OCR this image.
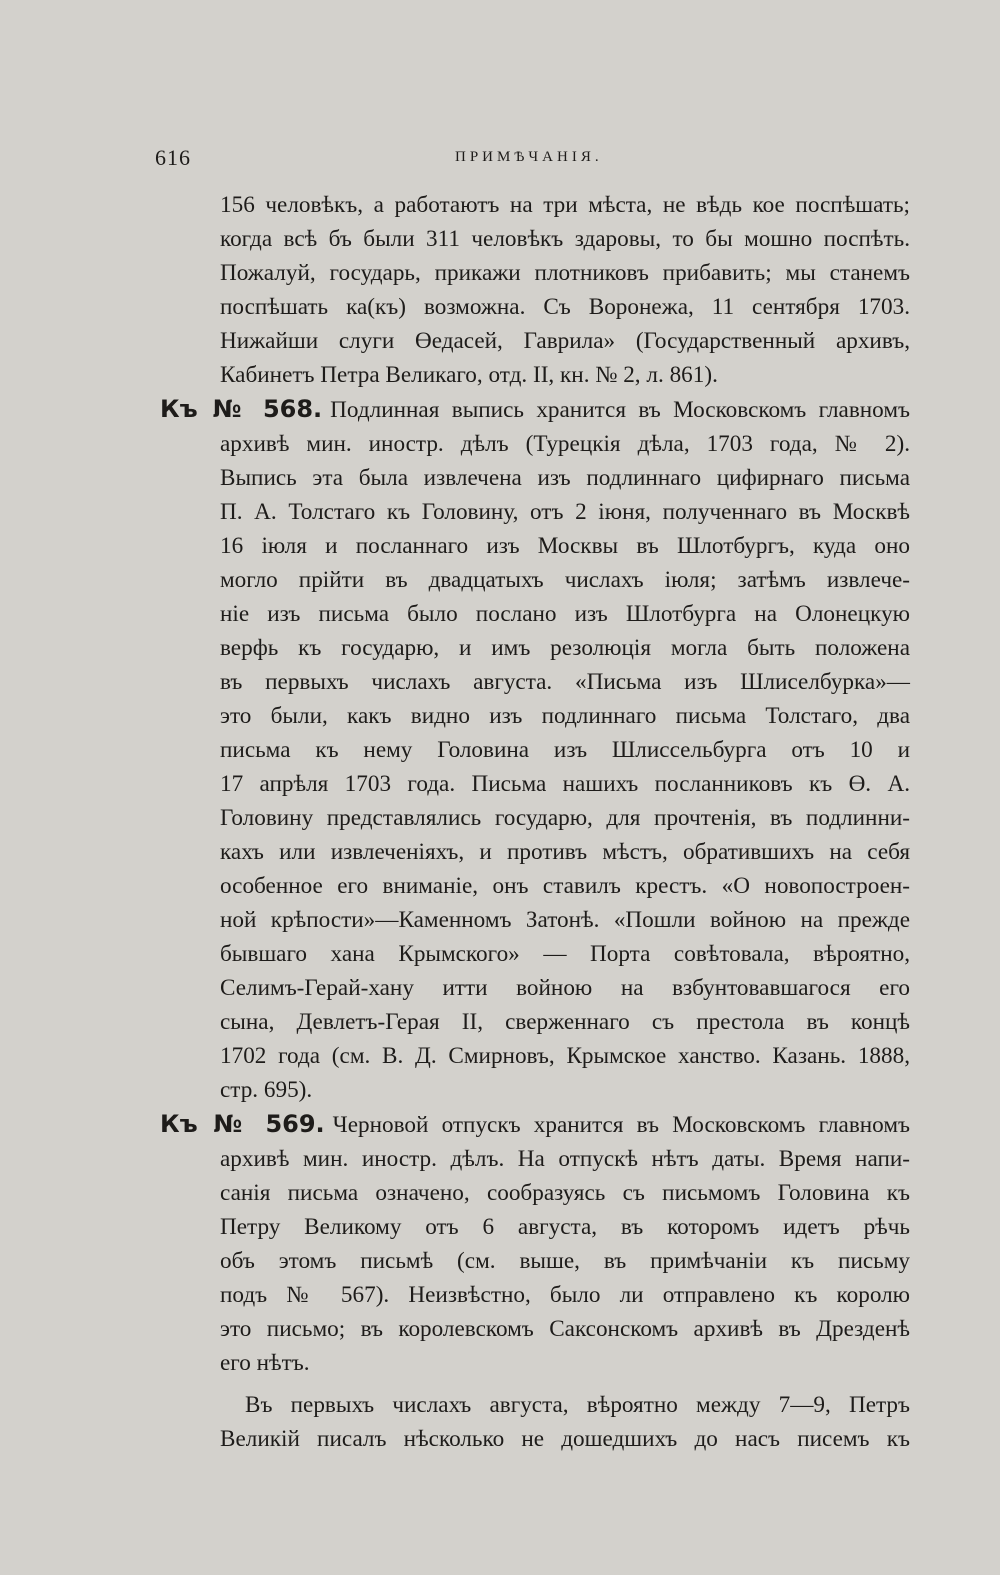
616	ПРИМѢЧАНІЯ.
156 человѣкъ, а работаютъ на три мѣста, не вѣдь кое поспѣшать;
когда всѣ бъ были 311 человѣкъ здаровы, то бы мошно поспѣть.
Пожалуй, государь, прикажи плотниковъ прибавить; мы станемъ
поспѣшать ка(къ) возможна. Съ Воронежа, 11 сентября 1703.
Нижайши слуги Өедасей, Гаврила» (Государственный архивъ,
Кабинетъ Петра Великаго, отд. II, кн. № 2, л. 861).
Къ № 568. Подлинная выпись хранится въ Московскомъ главномъ
архивѣ мин. иностр. дѣлъ (Турецкія дѣла, 1703 года, № 2).
Выпись эта была извлечена изъ подлиннаго цифирнаго письма
П. А. Толстаго къ Головину, отъ 2 іюня, полученнаго въ Москвѣ
16 іюля и посланнаго изъ Москвы въ Шлотбургъ, куда оно
могло прійти въ двадцатыхъ числахъ іюля; затѣмъ извлече-
ніе изъ письма было послано изъ Шлотбурга на Олонецкую
верфь къ государю, и имъ резолюція могла быть положена
въ первыхъ числахъ августа. «Письма изъ Шлиселбурка»—
это были, какъ видно изъ подлиннаго письма Толстаго, два
письма къ нему Головина изъ Шлиссельбурга отъ 10 и
17 апрѣля 1703 года. Письма нашихъ посланниковъ къ Ө. А.
Головину представлялись государю, для прочтенія, въ подлинни-
кахъ или извлеченіяхъ, и противъ мѣстъ, обратившихъ на себя
особенное его вниманіе, онъ ставилъ крестъ. «О новопостроен-
ной крѣпости»—Каменномъ Затонѣ. «Пошли войною на прежде
бывшаго хана Крымского» — Порта совѣтовала, вѣроятно,
Селимъ-Герай-хану итти войною на взбунтовавшагося его
сына, Девлетъ-Герая II, сверженнаго съ престола въ концѣ
1702 года (см. В. Д. Смирновъ, Крымское ханство. Казань. 1888,
стр. 695).
Къ № 569. Черновой отпускъ хранится въ Московскомъ главномъ
архивѣ мин. иностр. дѣлъ. На отпускѣ нѣтъ даты. Время напи-
санія письма означено, сообразуясь съ письмомъ Головина къ
Петру Великому отъ 6 августа, въ которомъ идетъ рѣчь
объ этомъ письмѣ (см. выше, въ примѣчаніи къ письму
подъ № 567). Неизвѣстно, было ли отправлено къ королю
это письмо; въ королевскомъ Саксонскомъ архивѣ въ Дрезденѣ
его нѣтъ.
Въ первыхъ числахъ августа, вѣроятно между 7—9, Петръ
Великій писалъ нѣсколько не дошедшихъ до насъ писемъ къ
